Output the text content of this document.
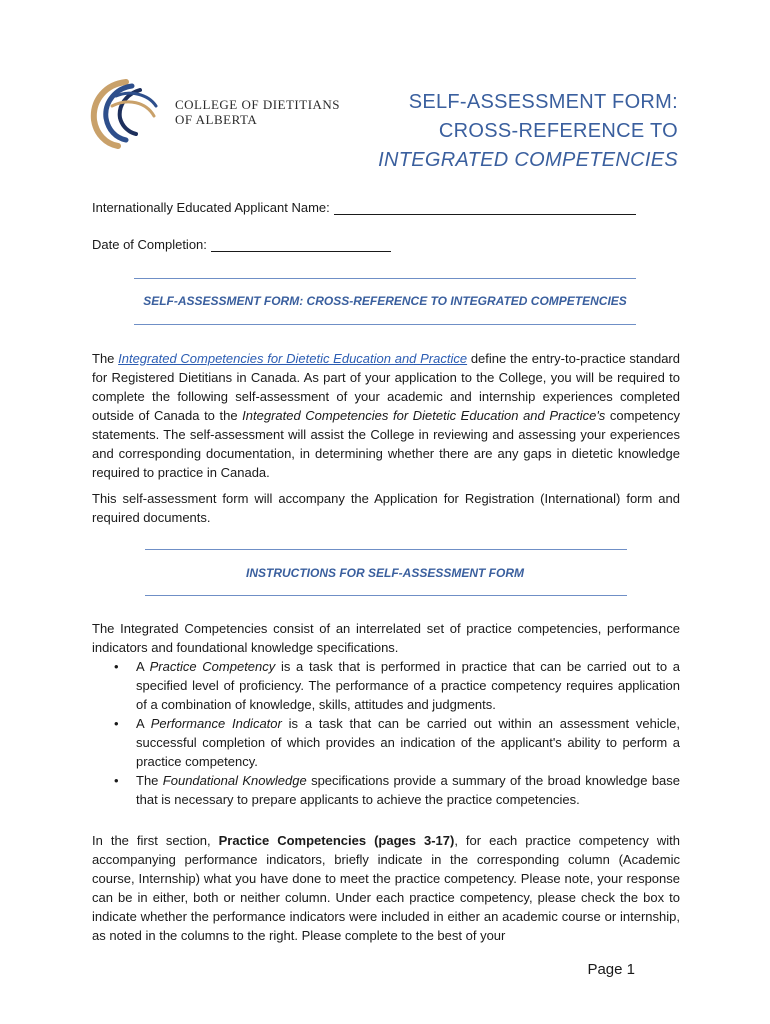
COLLEGE OF DIETITIANS
OF ALBERTA
SELF-ASSESSMENT FORM:
CROSS-REFERENCE TO
INTEGRATED COMPETENCIES
Internationally Educated Applicant Name:
Date of Completion:
SELF-ASSESSMENT FORM: CROSS-REFERENCE TO INTEGRATED COMPETENCIES
The Integrated Competencies for Dietetic Education and Practice define the entry-to-practice standard for Registered Dietitians in Canada. As part of your application to the College, you will be required to complete the following self-assessment of your academic and internship experiences completed outside of Canada to the Integrated Competencies for Dietetic Education and Practice's competency statements. The self-assessment will assist the College in reviewing and assessing your experiences and corresponding documentation, in determining whether there are any gaps in dietetic knowledge required to practice in Canada.
This self-assessment form will accompany the Application for Registration (International) form and required documents.
INSTRUCTIONS FOR SELF-ASSESSMENT FORM
The Integrated Competencies consist of an interrelated set of practice competencies, performance indicators and foundational knowledge specifications.
• A Practice Competency is a task that is performed in practice that can be carried out to a specified level of proficiency. The performance of a practice competency requires application of a combination of knowledge, skills, attitudes and judgments.
• A Performance Indicator is a task that can be carried out within an assessment vehicle, successful completion of which provides an indication of the applicant's ability to perform a practice competency.
• The Foundational Knowledge specifications provide a summary of the broad knowledge base that is necessary to prepare applicants to achieve the practice competencies.
In the first section, Practice Competencies (pages 3-17), for each practice competency with accompanying performance indicators, briefly indicate in the corresponding column (Academic course, Internship) what you have done to meet the practice competency. Please note, your response can be in either, both or neither column. Under each practice competency, please check the box to indicate whether the performance indicators were included in either an academic course or internship, as noted in the columns to the right. Please complete to the best of your
Page 1
